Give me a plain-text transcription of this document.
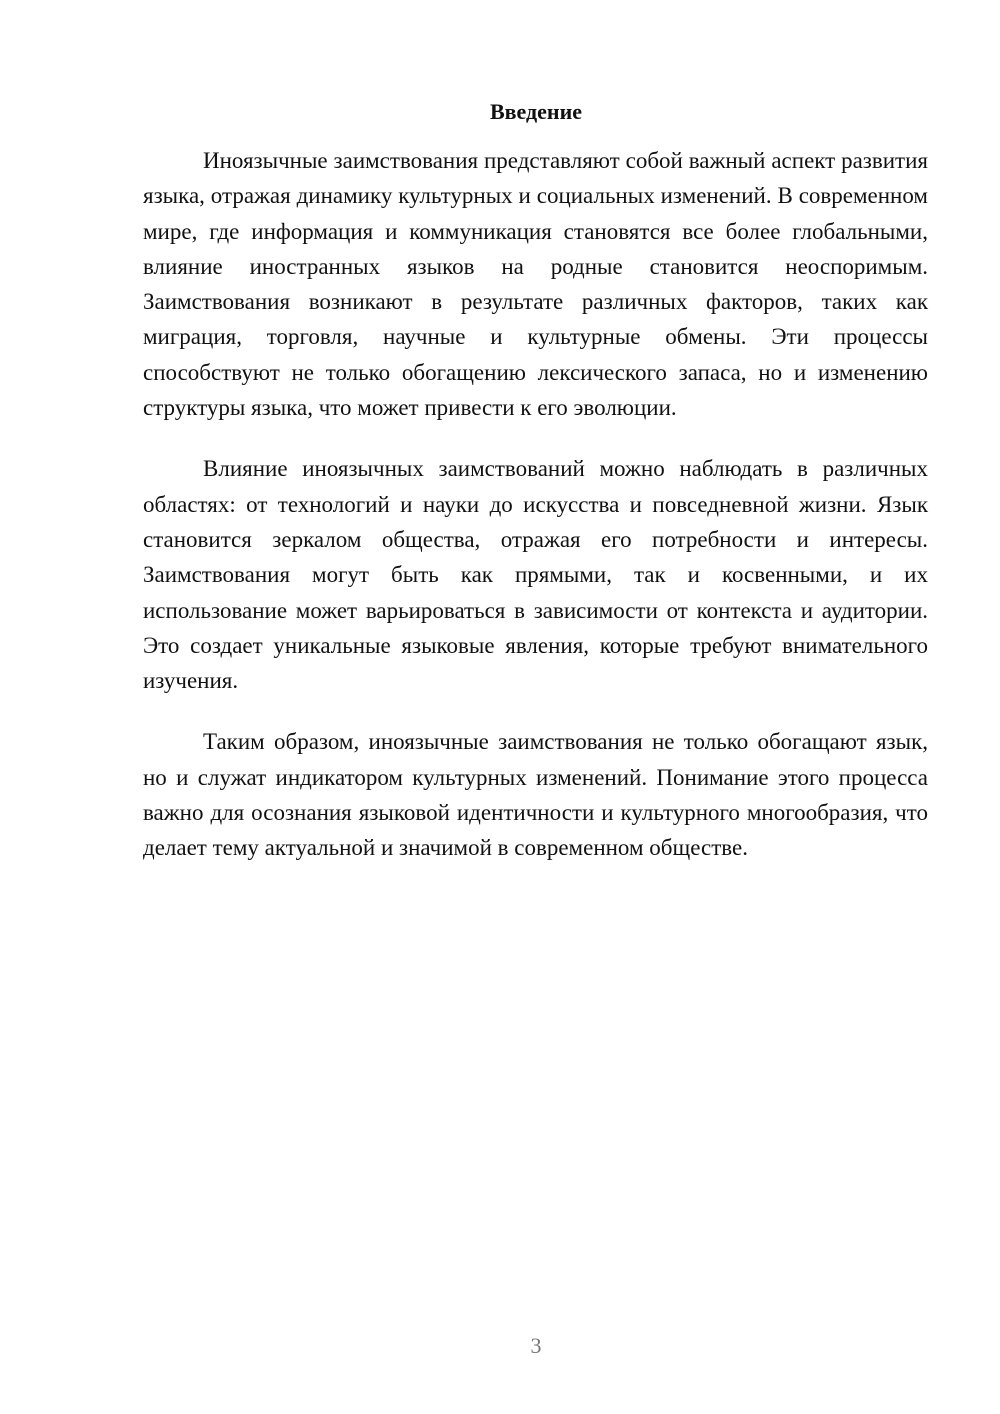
Введение

Иноязычные заимствования представляют собой важный аспект развития языка, отражая динамику культурных и социальных изменений. В современном мире, где информация и коммуникация становятся все более глобальными, влияние иностранных языков на родные становится неоспоримым. Заимствования возникают в результате различных факторов, таких как миграция, торговля, научные и культурные обмены. Эти процессы способствуют не только обогащению лексического запаса, но и изменению структуры языка, что может привести к его эволюции.

Влияние иноязычных заимствований можно наблюдать в различных областях: от технологий и науки до искусства и повседневной жизни. Язык становится зеркалом общества, отражая его потребности и интересы. Заимствования могут быть как прямыми, так и косвенными, и их использование может варьироваться в зависимости от контекста и аудитории. Это создает уникальные языковые явления, которые требуют внимательного изучения.

Таким образом, иноязычные заимствования не только обогащают язык, но и служат индикатором культурных изменений. Понимание этого процесса важно для осознания языковой идентичности и культурного многообразия, что делает тему актуальной и значимой в современном обществе.

3
